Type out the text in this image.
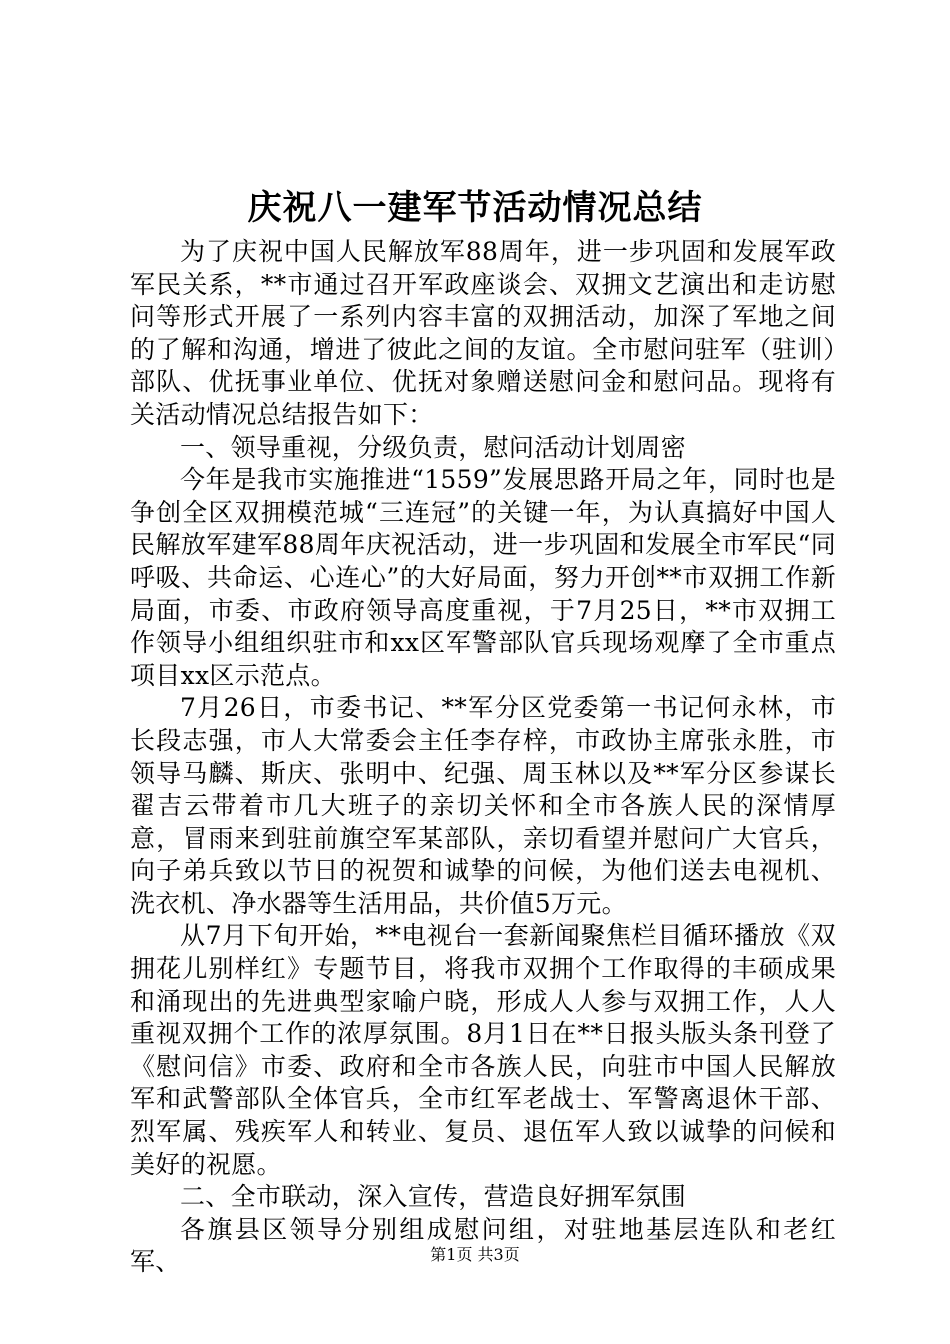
庆祝八一建军节活动情况总结

为了庆祝中国人民解放军88周年，进一步巩固和发展军政军民关系，**市通过召开军政座谈会、双拥文艺演出和走访慰问等形式开展了一系列内容丰富的双拥活动，加深了军地之间的了解和沟通，增进了彼此之间的友谊。全市慰问驻军（驻训）部队、优抚事业单位、优抚对象赠送慰问金和慰问品。现将有关活动情况总结报告如下：

一、领导重视，分级负责，慰问活动计划周密

今年是我市实施推进“1559”发展思路开局之年，同时也是争创全区双拥模范城“三连冠”的关键一年，为认真搞好中国人民解放军建军88周年庆祝活动，进一步巩固和发展全市军民“同呼吸、共命运、心连心”的大好局面，努力开创**市双拥工作新局面，市委、市政府领导高度重视，于7月25日，**市双拥工作领导小组组织驻市和xx区军警部队官兵现场观摩了全市重点项目xx区示范点。

7月26日，市委书记、**军分区党委第一书记何永林，市长段志强，市人大常委会主任李存梓，市政协主席张永胜，市领导马麟、斯庆、张明中、纪强、周玉林以及**军分区参谋长翟吉云带着市几大班子的亲切关怀和全市各族人民的深情厚意，冒雨来到驻前旗空军某部队，亲切看望并慰问广大官兵，向子弟兵致以节日的祝贺和诚挚的问候，为他们送去电视机、洗衣机、净水器等生活用品，共价值5万元。

从7月下旬开始，**电视台一套新闻聚焦栏目循环播放《双拥花儿别样红》专题节目，将我市双拥个工作取得的丰硕成果和涌现出的先进典型家喻户晓，形成人人参与双拥工作，人人重视双拥个工作的浓厚氛围。8月1日在**日报头版头条刊登了《慰问信》市委、政府和全市各族人民，向驻市中国人民解放军和武警部队全体官兵，全市红军老战士、军警离退休干部、烈军属、残疾军人和转业、复员、退伍军人致以诚挚的问候和美好的祝愿。

二、全市联动，深入宣传，营造良好拥军氛围

各旗县区领导分别组成慰问组，对驻地基层连队和老红军、	第1页 共3页
